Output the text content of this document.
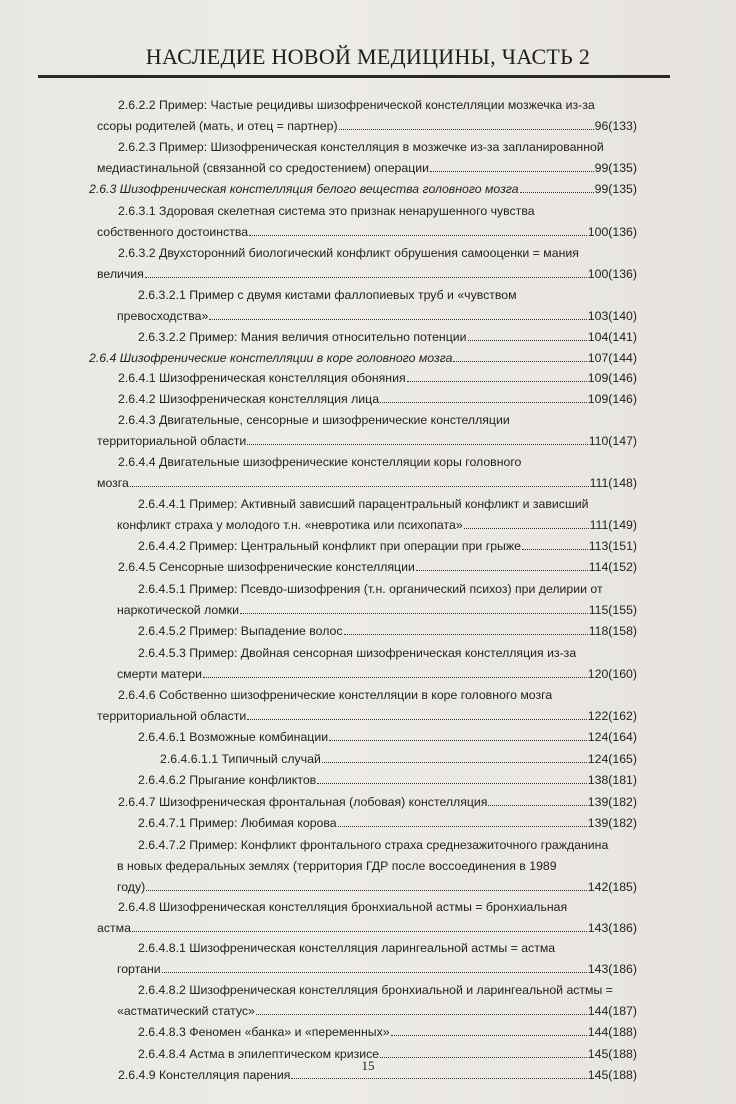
НАСЛЕДИЕ НОВОЙ МЕДИЦИНЫ, ЧАСТЬ 2
2.6.2.2 Пример: Частые рецидивы шизофренической констелляции мозжечка из-за
ссоры родителей (мать, и отец = партнер)	96(133)
2.6.2.3 Пример: Шизофреническая констелляция в мозжечке из-за запланированной
медиастинальной (связанной со средостением) операции	99(135)
2.6.3 Шизофреническая констелляция белого вещества головного мозга	99(135)
2.6.3.1 Здоровая скелетная система это признак ненарушенного чувства
собственного достоинства	100(136)
2.6.3.2 Двухсторонний биологический конфликт обрушения самооценки = мания
величия	100(136)
2.6.3.2.1 Пример с двумя кистами фаллопиевых труб и «чувством
превосходства»	103(140)
2.6.3.2.2 Пример: Мания величия относительно потенции	104(141)
2.6.4 Шизофренические констелляции в коре головного мозга	107(144)
2.6.4.1 Шизофреническая констелляция обоняния	109(146)
2.6.4.2 Шизофреническая констелляция лица	109(146)
2.6.4.3 Двигательные, сенсорные и шизофренические констелляции
территориальной области	110(147)
2.6.4.4 Двигательные шизофренические констелляции коры головного
мозга	111(148)
2.6.4.4.1 Пример: Активный зависший парацентральный конфликт и зависший
конфликт страха у молодого т.н. «невротика или психопата»	111(149)
2.6.4.4.2 Пример: Центральный конфликт при операции при грыже	113(151)
2.6.4.5 Сенсорные шизофренические констелляции	114(152)
2.6.4.5.1 Пример: Псевдо-шизофрения (т.н. органический психоз) при делирии от
наркотической ломки	115(155)
2.6.4.5.2 Пример: Выпадение волос	118(158)
2.6.4.5.3 Пример: Двойная сенсорная шизофреническая констелляция из-за
смерти матери	120(160)
2.6.4.6 Собственно шизофренические констелляции в коре головного мозга
территориальной области	122(162)
2.6.4.6.1 Возможные комбинации	124(164)
2.6.4.6.1.1 Типичный случай	124(165)
2.6.4.6.2 Прыгание конфликтов	138(181)
2.6.4.7 Шизофреническая фронтальная (лобовая) констелляция	139(182)
2.6.4.7.1 Пример: Любимая корова	139(182)
2.6.4.7.2 Пример: Конфликт фронтального страха среднезажиточного гражданина
в новых федеральных землях (территория ГДР после воссоединения в 1989
году)	142(185)
2.6.4.8 Шизофреническая констелляция бронхиальной астмы = бронхиальная
астма	143(186)
2.6.4.8.1 Шизофреническая констелляция ларингеальной астмы = астма
гортани	143(186)
2.6.4.8.2 Шизофреническая констелляция бронхиальной и ларингеальной астмы =
«астматический статус»	144(187)
2.6.4.8.3 Феномен «банка» и «переменных»	144(188)
2.6.4.8.4 Астма в эпилептическом кризисе	145(188)
2.6.4.9 Констелляция парения	145(188)
15
